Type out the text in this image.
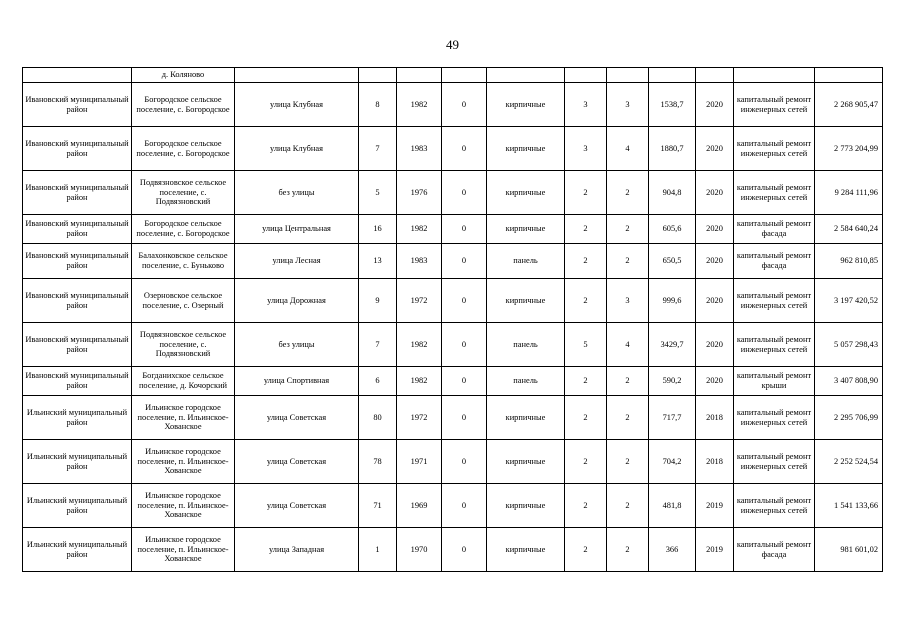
49
	д. Коляново											
Ивановский муниципальный район	Богородское сельское поселение, с. Богородское	улица Клубная	8	1982	0	кирпичные	3	3	1538,7	2020	капитальный ремонт инженерных сетей	2 268 905,47
Ивановский муниципальный район	Богородское сельское поселение, с. Богородское	улица Клубная	7	1983	0	кирпичные	3	4	1880,7	2020	капитальный ремонт инженерных сетей	2 773 204,99
Ивановский муниципальный район	Подвязновское сельское поселение, с. Подвязновский	без улицы	5	1976	0	кирпичные	2	2	904,8	2020	капитальный ремонт инженерных сетей	9 284 111,96
Ивановский муниципальный район	Богородское сельское поселение, с. Богородское	улица Центральная	16	1982	0	кирпичные	2	2	605,6	2020	капитальный ремонт фасада	2 584 640,24
Ивановский муниципальный район	Балахонковское сельское поселение, с. Буньково	улица Лесная	13	1983	0	панель	2	2	650,5	2020	капитальный ремонт фасада	962 810,85
Ивановский муниципальный район	Озерновское сельское поселение, с. Озерный	улица Дорожная	9	1972	0	кирпичные	2	3	999,6	2020	капитальный ремонт инженерных сетей	3 197 420,52
Ивановский муниципальный район	Подвязновское сельское поселение, с. Подвязновский	без улицы	7	1982	0	панель	5	4	3429,7	2020	капитальный ремонт инженерных сетей	5 057 298,43
Ивановский муниципальный район	Богданихское сельское поселение, д. Кочорский	улица Спортивная	6	1982	0	панель	2	2	590,2	2020	капитальный ремонт крыши	3 407 808,90
Ильинский муниципальный район	Ильинское городское поселение, п. Ильинское-Хованское	улица Советская	80	1972	0	кирпичные	2	2	717,7	2018	капитальный ремонт инженерных сетей	2 295 706,99
Ильинский муниципальный район	Ильинское городское поселение, п. Ильинское-Хованское	улица Советская	78	1971	0	кирпичные	2	2	704,2	2018	капитальный ремонт инженерных сетей	2 252 524,54
Ильинский муниципальный район	Ильинское городское поселение, п. Ильинское-Хованское	улица Советская	71	1969	0	кирпичные	2	2	481,8	2019	капитальный ремонт инженерных сетей	1 541 133,66
Ильинский муниципальный район	Ильинское городское поселение, п. Ильинское-Хованское	улица Западная	1	1970	0	кирпичные	2	2	366	2019	капитальный ремонт фасада	981 601,02
